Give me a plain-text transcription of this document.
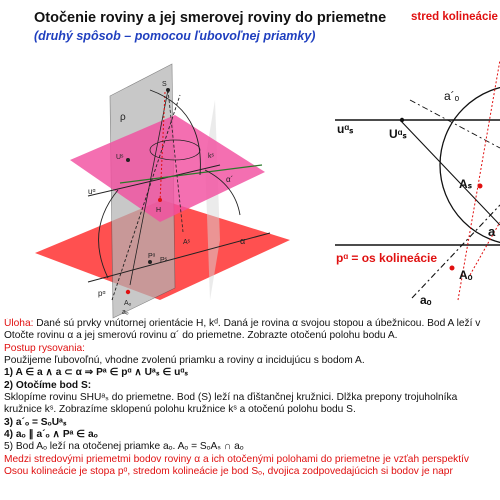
Otočenie roviny a jej smerovej roviny do priemetne
(druhý spôsob – pomocou ľubovoľnej priamky)
stred kolineácie
ρ
uᵅ
pᵅ
α
α´
S
Uˢ
H
kˢ
Pᵅ
Pˢ
Aₒ
Aˢ
aₒ
a´ₒ
uᵅₛ	Uᵅₛ
Aₛ
a
pᵅ = os kolineácie
Aₒ
aₒ
Úloha: Dané sú prvky vnútornej orientácie H, kᵈ. Daná je rovina α svojou stopou a úbežnicou. Bod A leží v
Otočte rovinu α a jej smerovú rovinu α´ do priemetne. Zobrazte otočenú polohu bodu A.
Postup rysovania:
Použijeme ľubovoľnú, vhodne zvolenú priamku a roviny α incidujúcu s bodom A.
1) A ∈ a ∧ a ⊂ α ⇒ Pᵃ ∈ pᵅ ∧ Uᵃₛ ∈ uᵅₛ
2) Otočíme bod S:
Sklopíme rovinu SHUᵃₛ do priemetne. Bod (S) leží na ďištančnej kružnici. Dĺžka prepony trojuholníka
kružnice kˢ. Zobrazíme sklopenú polohu kružnice kˢ a otočenú polohu bodu S.
3) a´ₒ = SₒUᵃₛ
4) aₒ ∥ a´ₒ ∧ Pᵃ ∈ aₒ
5) Bod Aₒ leží na otočenej priamke aₒ. Aₒ = SₒAₛ ∩ aₒ
Medzi stredovými priemetmi bodov roviny α a ich otočenými polohami do priemetne je vzťah perspektív
Osou kolineácie je stopa pᵅ, stredom kolineácie je bod Sₒ, dvojica zodpovedajúcich si bodov je napr
